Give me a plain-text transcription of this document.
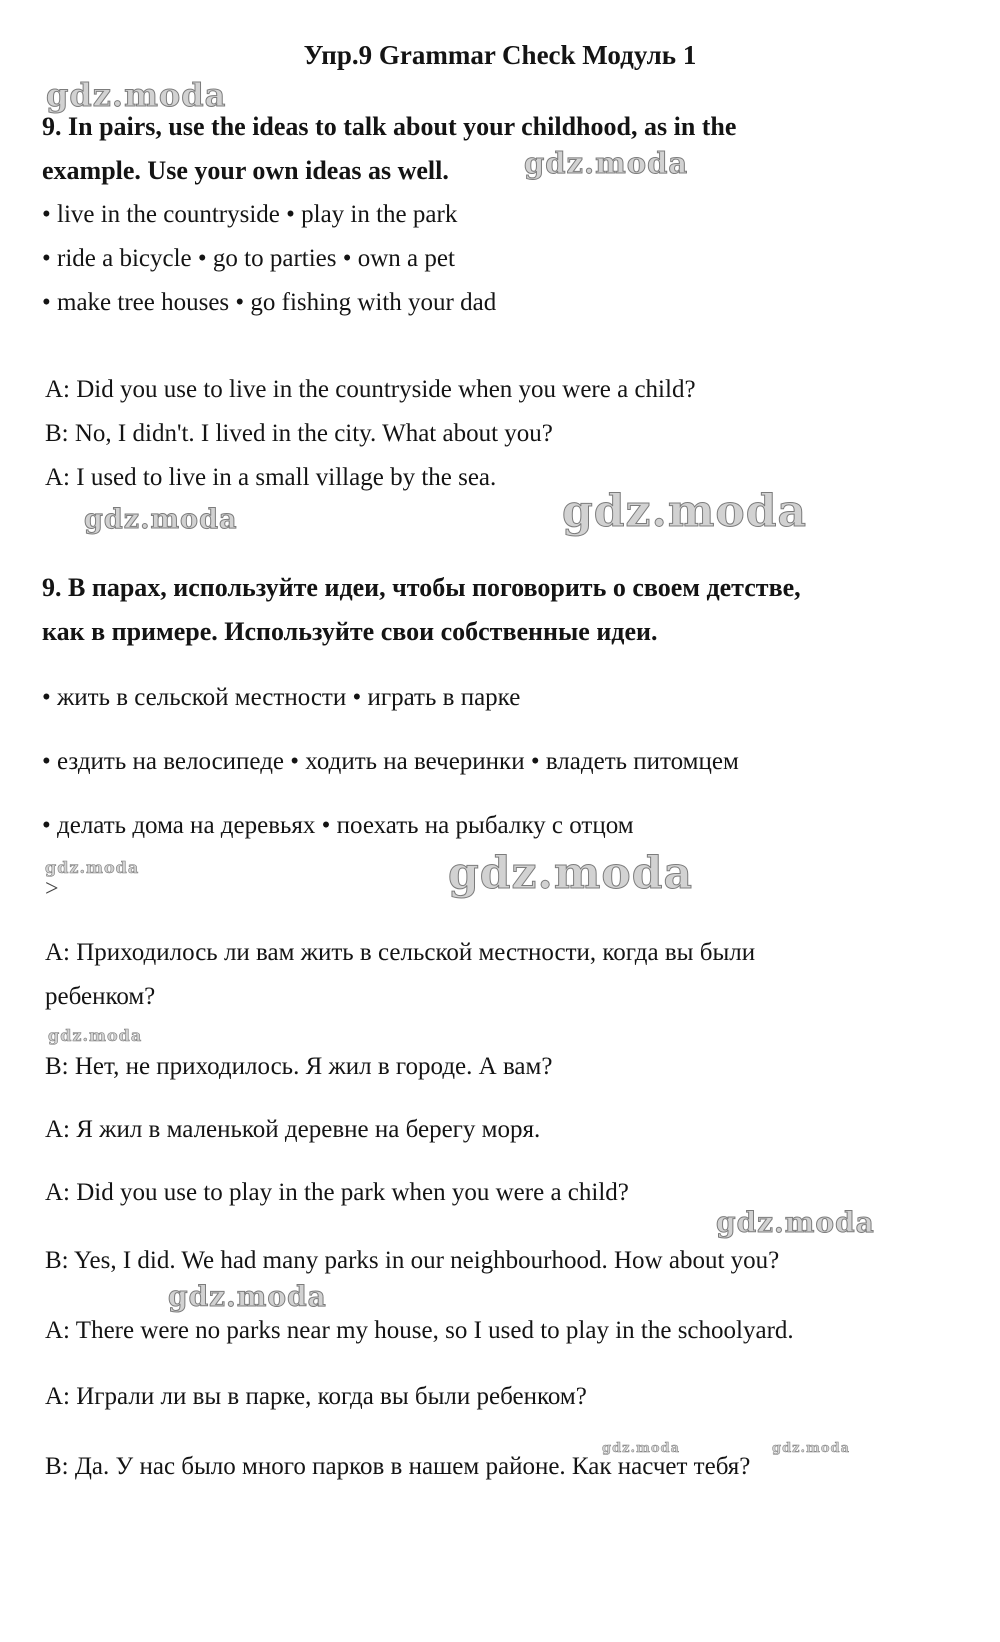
gdz.moda
gdz.moda
gdz.moda	gdz.moda
gdz.moda	gdz.moda
gdz.moda
gdz.moda
gdz.moda
gdz.moda	gdz.moda
Упр.9 Grammar Check Модуль 1
9. In pairs, use the ideas to talk about your childhood, as in the
example. Use your own ideas as well.
• live in the countryside • play in the park
• ride a bicycle • go to parties • own a pet
• make tree houses • go fishing with your dad
A: Did you use to live in the countryside when you were a child?
B: No, I didn't. I lived in the city. What about you?
A: I used to live in a small village by the sea.
9. В парах, используйте идеи, чтобы поговорить о своем детстве,
как в примере. Используйте свои собственные идеи.
• жить в сельской местности • играть в парке
• ездить на велосипеде • ходить на вечеринки • владеть питомцем
• делать дома на деревьях • поехать на рыбалку с отцом
>
A: Приходилось ли вам жить в сельской местности, когда вы были
ребенком?
B: Нет, не приходилось. Я жил в городе. А вам?
A: Я жил в маленькой деревне на берегу моря.
A: Did you use to play in the park when you were a child?
B: Yes, I did. We had many parks in our neighbourhood. How about you?
A: There were no parks near my house, so I used to play in the schoolyard.
A: Играли ли вы в парке, когда вы были ребенком?
B: Да. У нас было много парков в нашем районе. Как насчет тебя?
